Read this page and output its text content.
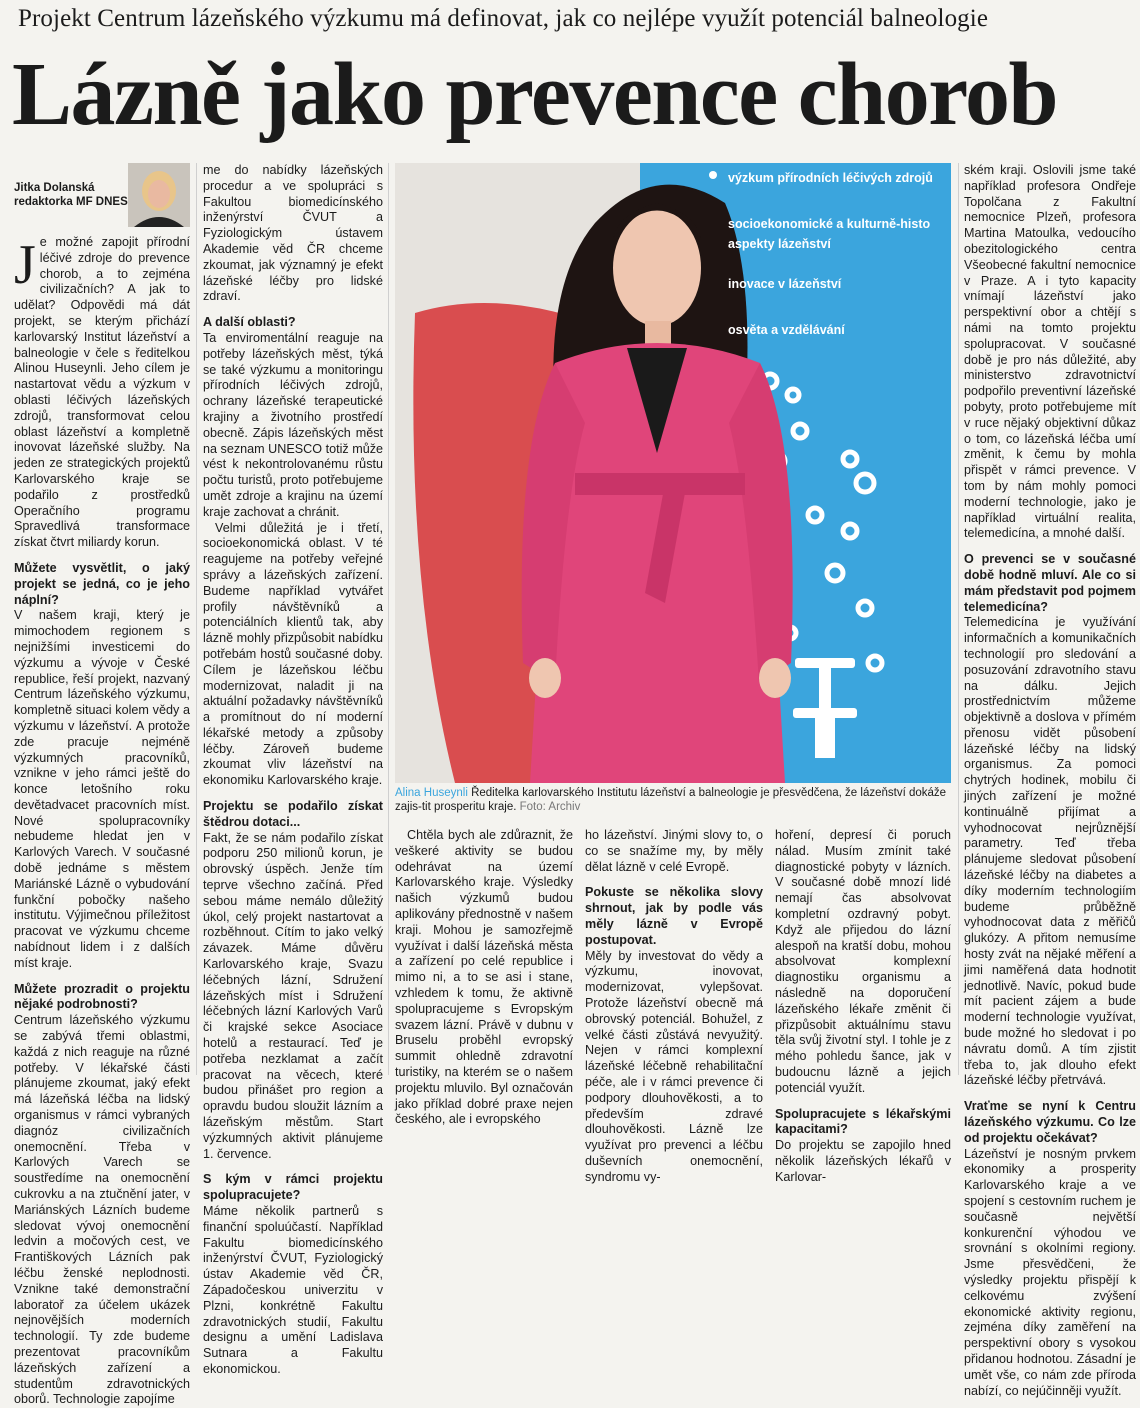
Projekt Centrum lázeňského výzkumu má definovat, jak co nejlépe využít potenciál balneologie
Lázně jako prevence chorob
Jitka Dolanská
redaktorka MF DNES
J e možné zapojit přírodní léčivé zdroje do prevence chorob, a to zejména civilizačních? A jak to udělat? Odpovědi má dát projekt, se kterým přichází karlovarský Institut lázeňství a balneologie v čele s ředitelkou Alinou Huseynli. Jeho cílem je nastartovat vědu a výzkum v oblasti léčivých lázeňských zdrojů, transformovat celou oblast lázeňství a kompletně inovovat lázeňské služby. Na jeden ze strategických projektů Karlovarského kraje se podařilo z prostředků Operačního programu Spravedlivá transformace získat čtvrt miliardy korun.

Můžete vysvětlit, o jaký projekt se jedná, co je jeho náplní?

V našem kraji, který je mimochodem regionem s nejnižšími investicemi do výzkumu a vývoje v České republice, řeší projekt, nazvaný Centrum lázeňského výzkumu, kompletně situaci kolem vědy a výzkumu v lázeňství. A protože zde pracuje nejméně výzkumných pracovníků, vznikne v jeho rámci ještě do konce letošního roku devětadvacet pracovních míst. Nové spolupracovníky nebudeme hledat jen v Karlových Varech. V současné době jednáme s městem Mariánské Lázně o vybudování funkční pobočky našeho institutu. Výjimečnou příležitost pracovat ve výzkumu chceme nabídnout lidem i z dalších míst kraje.

Můžete prozradit o projektu nějaké podrobnosti?

Centrum lázeňského výzkumu se zabývá třemi oblastmi, každá z nich reaguje na různé potřeby. V lékařské části plánujeme zkoumat, jaký efekt má lázeňská léčba na lidský organismus v rámci vybraných diagnóz civilizačních onemocnění. Třeba v Karlových Varech se soustředíme na onemocnění cukrovku a na ztučnění jater, v Mariánských Lázních budeme sledovat vývoj onemocnění ledvin a močových cest, ve Františkových Lázních pak léčbu ženské neplodnosti. Vznikne také demonstrační laboratoř za účelem ukázek nejnovějších moderních technologií. Ty zde budeme prezentovat pracovníkům lázeňských zařízení a studentům zdravotnických oborů. Technologie zapojíme

me do nabídky lázeňských procedur a ve spolupráci s Fakultou biomedicínského inženýrství ČVUT a Fyziologickým ústavem Akademie věd ČR chceme zkoumat, jak významný je efekt lázeňské léčby pro lidské zdraví.

A další oblasti?

Ta enviromentální reaguje na potřeby lázeňských měst, týká se také výzkumu a monitoringu přírodních léčivých zdrojů, ochrany lázeňské terapeutické krajiny a životního prostředí obecně. Zápis lázeňských měst na seznam UNESCO totiž může vést k nekontrolovanému růstu počtu turistů, proto potřebujeme umět zdroje a krajinu na území kraje zachovat a chránit.

Velmi důležitá je i třetí, socioekonomická oblast. V té reagujeme na potřeby veřejné správy a lázeňských zařízení. Budeme například vytvářet profily návštěvníků a potenciálních klientů tak, aby lázně mohly přizpůsobit nabídku potřebám hostů současné doby. Cílem je lázeňskou léčbu modernizovat, naladit ji na aktuální požadavky návštěvníků a promítnout do ní moderní lékařské metody a způsoby léčby. Zároveň budeme zkoumat vliv lázeňství na ekonomiku Karlovarského kraje.

Projektu se podařilo získat štědrou dotaci...

Fakt, že se nám podařilo získat podporu 250 milionů korun, je obrovský úspěch. Jenže tím teprve všechno začíná. Před sebou máme nemálo důležitý úkol, celý projekt nastartovat a rozběhnout. Cítím to jako velký závazek. Máme důvěru Karlovarského kraje, Svazu léčebných lázní, Sdružení lázeňských míst i Sdružení léčebných lázní Karlových Varů či krajské sekce Asociace hotelů a restaurací. Teď je potřeba nezklamat a začít pracovat na věcech, které budou přinášet pro region a opravdu budou sloužit lázním a lázeňským městům. Start výzkumných aktivit plánujeme 1. července.

S kým v rámci projektu spolupracujete?

Máme několik partnerů s finanční spoluúčastí. Například Fakultu biomedicínského inženýrství ČVUT, Fyziologický ústav Akademie věd ČR, Západočeskou univerzitu v Plzni, konkrétně Fakultu zdravotnických studií, Fakultu designu a umění Ladislava Sutnara a Fakultu ekonomickou.

výzkum přírodních léčivých zdrojů
socioekonomické a kulturně-histo
aspekty lázeňství
inovace v lázeňství
osvěta a vzdělávání
Alina Huseynli Ředitelka karlovarského Institutu lázeňství a balneologie je přesvědčena, že lázeňství dokáže zajis-tit prosperitu kraje. Foto: Archiv

Chtěla bych ale zdůraznit, že veškeré aktivity se budou odehrávat na území Karlovarského kraje. Výsledky našich výzkumů budou aplikovány přednostně v našem kraji. Mohou je samozřejmě využívat i další lázeňská města a zařízení po celé republice i mimo ni, a to se asi i stane, vzhledem k tomu, že aktivně spolupracujeme s Evropským svazem lázní. Právě v dubnu v Bruselu proběhl evropský summit ohledně zdravotní turistiky, na kterém se o našem projektu mluvilo. Byl označován jako příklad dobré praxe nejen českého, ale i evropského

ho lázeňství. Jinými slovy to, o co se snažíme my, by měly dělat lázně v celé Evropě.

Pokuste se několika slovy shrnout, jak by podle vás měly lázně v Evropě postupovat.

Měly by investovat do vědy a výzkumu, inovovat, modernizovat, vylepšovat. Protože lázeňství obecně má obrovský potenciál. Bohužel, z velké části zůstává nevyužitý. Nejen v rámci komplexní lázeňské léčebně rehabilitační péče, ale i v rámci prevence či podpory dlouhověkosti, a to především zdravé dlouhověkosti. Lázně lze využívat pro prevenci a léčbu duševních onemocnění, syndromu vy-

hoření, depresí či poruch nálad. Musím zmínit také diagnostické pobyty v lázních. V současné době mnozí lidé nemají čas absolvovat kompletní ozdravný pobyt. Když ale přijedou do lázní alespoň na kratší dobu, mohou absolvovat komplexní diagnostiku organismu a následně na doporučení lázeňského lékaře změnit či přizpůsobit aktuálnímu stavu těla svůj životní styl. I tohle je z mého pohledu šance, jak v budoucnu lázně a jejich potenciál využít.

Spolupracujete s lékařskými kapacitami?

Do projektu se zapojilo hned několik lázeňských lékařů v Karlovar-

ském kraji. Oslovili jsme také například profesora Ondřeje Topolčana z Fakultní nemocnice Plzeň, profesora Martina Matoulka, vedoucího obezitologického centra Všeobecné fakultní nemocnice v Praze. A i tyto kapacity vnímají lázeňství jako perspektivní obor a chtějí s námi na tomto projektu spolupracovat. V současné době je pro nás důležité, aby ministerstvo zdravotnictví podpořilo preventivní lázeňské pobyty, proto potřebujeme mít v ruce nějaký objektivní důkaz o tom, co lázeňská léčba umí změnit, k čemu by mohla přispět v rámci prevence. V tom by nám mohly pomoci moderní technologie, jako je například virtuální realita, telemedicína, a mnohé další.

O prevenci se v současné době hodně mluví. Ale co si mám představit pod pojmem telemedicína?

Telemedicína je využívání informačních a komunikačních technologií pro sledování a posuzování zdravotního stavu na dálku. Jejich prostřednictvím můžeme objektivně a doslova v přímém přenosu vidět působení lázeňské léčby na lidský organismus. Za pomoci chytrých hodinek, mobilu či jiných zařízení je možné kontinuálně přijímat a vyhodnocovat nejrůznější parametry. Teď třeba plánujeme sledovat působení lázeňské léčby na diabetes a díky moderním technologiím budeme průběžně vyhodnocovat data z měřičů glukózy. A přitom nemusíme hosty zvát na nějaké měření a jimi naměřená data hodnotit jednotlivě. Navíc, pokud bude mít pacient zájem a bude moderní technologie využívat, bude možné ho sledovat i po návratu domů. A tím zjistit třeba to, jak dlouho efekt lázeňské léčby přetrvává.

Vraťme se nyní k Centru lázeňského výzkumu. Co lze od projektu očekávat?

Lázeňství je nosným prvkem ekonomiky a prosperity Karlovarského kraje a ve spojení s cestovním ruchem je současně největší konkurenční výhodou ve srovnání s okolními regiony. Jsme přesvědčeni, že výsledky projektu přispějí k celkovému zvýšení ekonomické aktivity regionu, zejména díky zaměření na perspektivní obory s vysokou přidanou hodnotou. Zásadní je umět vše, co nám zde příroda nabízí, co nejúčinněji využít.
